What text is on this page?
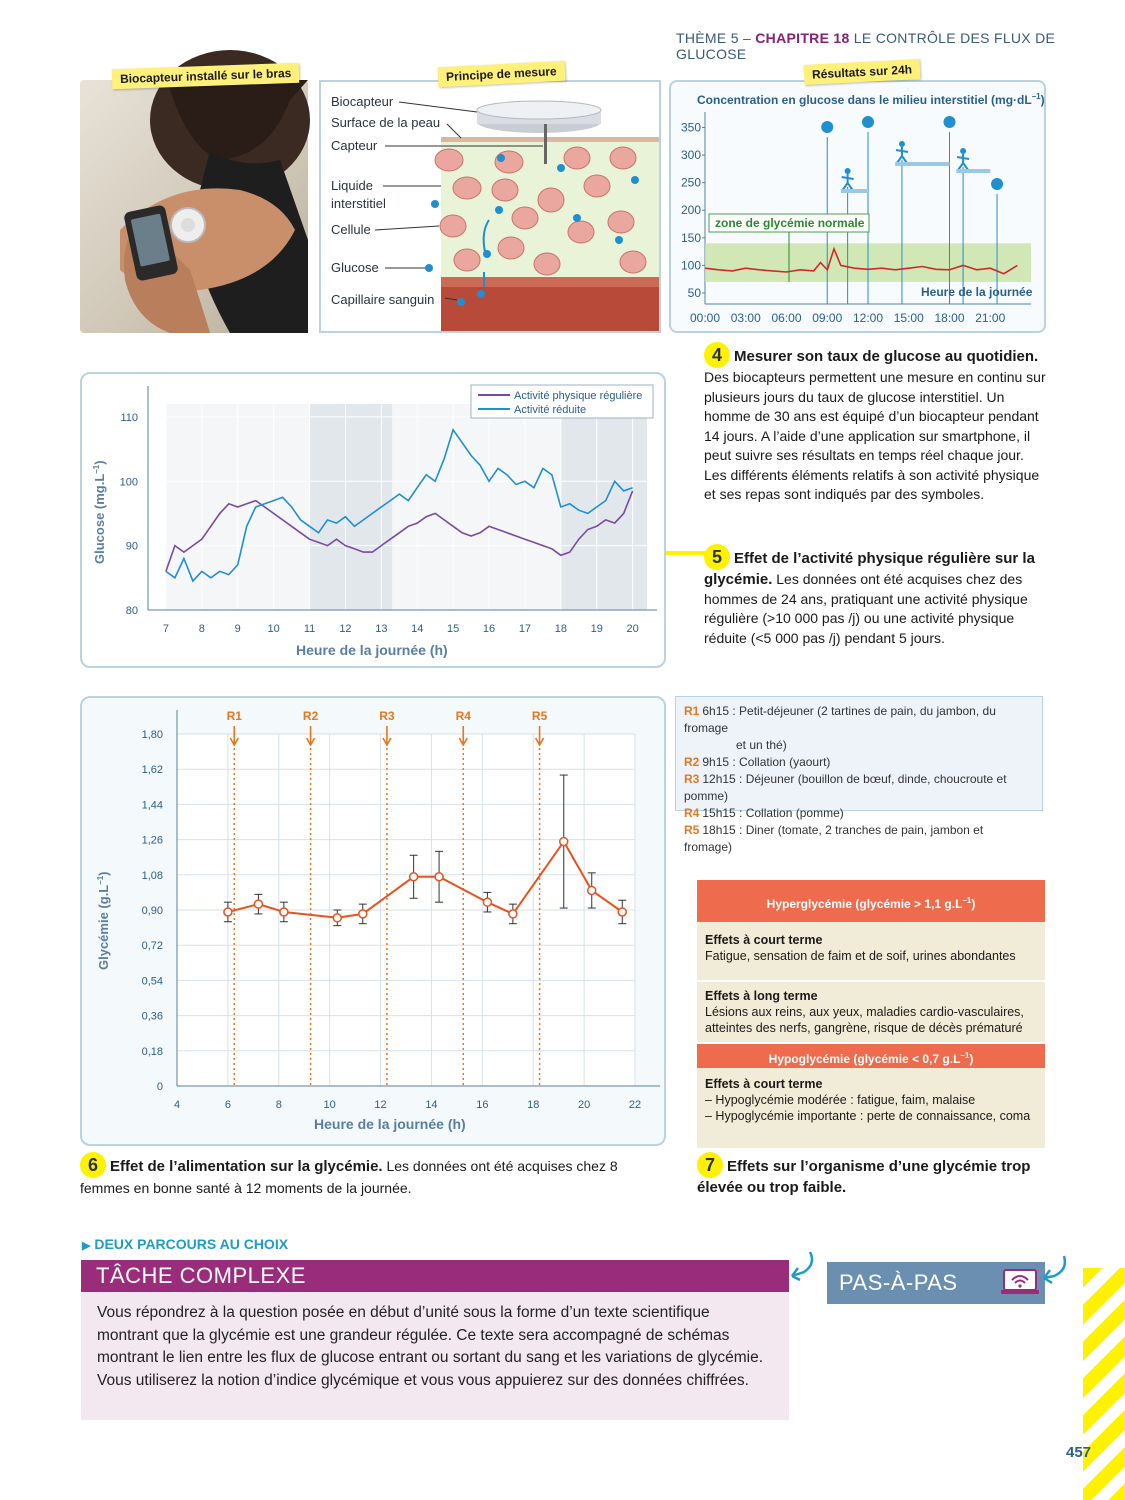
THÈME 5 – CHAPITRE 18 LE CONTRÔLE DES FLUX DE GLUCOSE
Biocapteur installé sur le bras
Biocapteur
Surface de la peau
Capteur
Liquide
interstitiel
Cellule
Glucose
Capillaire sanguin
Principe de mesure
Concentration en glucose dans le milieu interstitiel $(mg\cdot dL^{-1})$
350
300
250
200
150
100
50
00:00 03:00 06:00 09:00 12:00 15:00 18:00 21:00
zone de glycémie normale
Heure de la journée
Résultats sur 24h
4 Mesurer son taux de glucose au quotidien. Des biocapteurs permettent une mesure en continu sur plusieurs jours du taux de glucose interstitiel. Un homme de 30 ans est équipé d’un biocapteur pendant 14 jours. A l’aide d’une application sur smartphone, il peut suivre ses résultats en temps réel chaque jour. Les différents éléments relatifs à son activité physique et ses repas sont indiqués par des symboles.
Glucose $(mg.L^{-1})$
110
100
90
80
7	8	9 10 11 12 13 14 15 16 17 18 19 20
Heure de la journée (h)
Activité physique régulière
Activité réduite
5 Effet de l’activité physique régulière sur la glycémie. Les données ont été acquises chez des hommes de 24 ans, pratiquant une activité physique régulière (>10 000 pas /j) ou une activité physique réduite (<5 000 pas /j) pendant 5 jours.
Glycémie $(g.L^{-1})$
1,80
1,62
1,44
1,26
1,08
0,90
0,72
0,54
0,36
0,18
0
4	6	8	10	12	14	16	18	20	22
R1	R2	R3	R4	R5
Heure de la journée (h)
6 Effet de l’alimentation sur la glycémie. Les données ont été acquises chez 8 femmes en bonne santé à 12 moments de la journée.
R1 6h15 : Petit-déjeuner (2 tartines de pain, du jambon, du fromage
et un thé)
R2 9h15 : Collation (yaourt)
R3 12h15 : Déjeuner (bouillon de bœuf, dinde, choucroute et pomme)
R4 15h15 : Collation (pomme)
R5 18h15 : Diner (tomate, 2 tranches de pain, jambon et fromage)
Hyperglycémie (glycémie > 1,1 $g.L^{-1}$)
Effets à court terme
Fatigue, sensation de faim et de soif, urines abondantes
Effets à long terme
Lésions aux reins, aux yeux, maladies cardio-vasculaires, atteintes des nerfs, gangrène, risque de décès prématuré
Hypoglycémie (glycémie < 0,7 $g.L^{-1}$)
Effets à court terme
– Hypoglycémie modérée : fatigue, faim, malaise
– Hypoglycémie importante : perte de connaissance, coma
7 Effets sur l’organisme d’une glycémie trop élevée ou trop faible.
▶ DEUX PARCOURS AU CHOIX
TÂCHE COMPLEXE
Vous répondrez à la question posée en début d’unité sous la forme d’un texte scientifique montrant que la glycémie est une grandeur régulée. Ce texte sera accompagné de schémas montrant le lien entre les flux de glucose entrant ou sortant du sang et les variations de glycémie. Vous utiliserez la notion d’indice glycémique et vous vous appuierez sur des données chiffrées.
PAS-À-PAS
457
